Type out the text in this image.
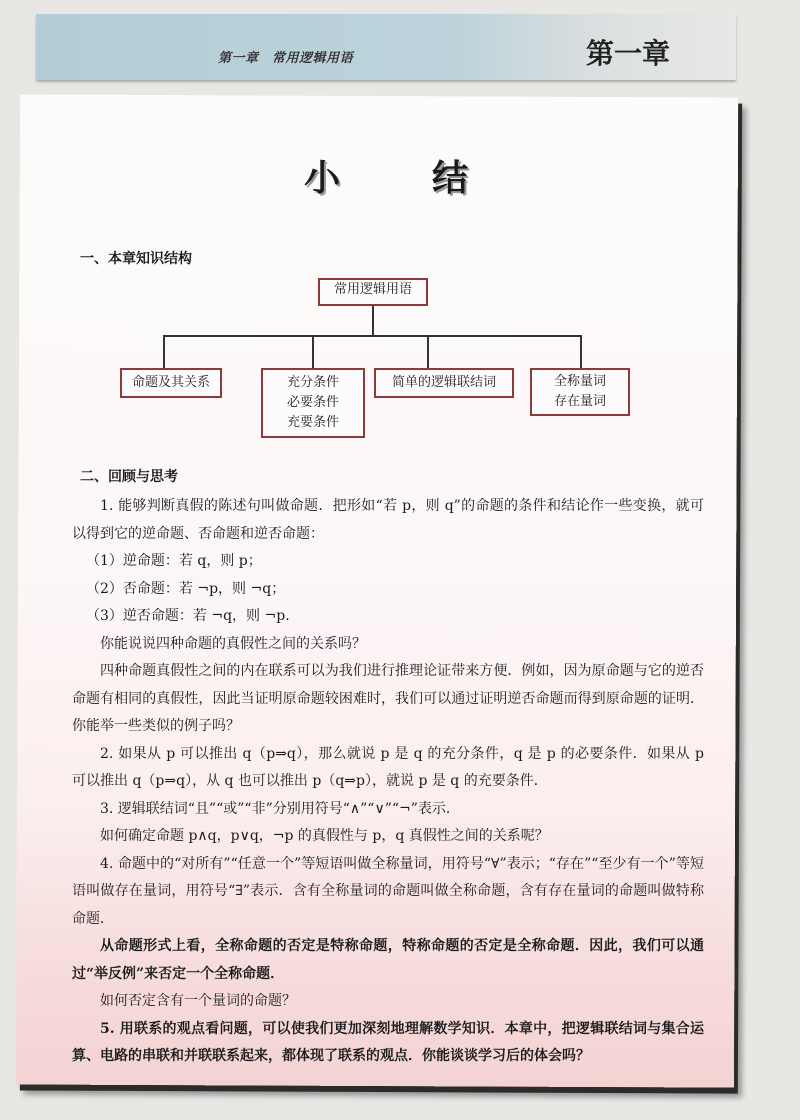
第一章　常用逻辑用语	第一章
小　结
一、本章知识结构
常用逻辑用语
命题及其关系	充分条件
必要条件
充要条件
简单的逻辑联结词	全称量词
存在量词
二、回顾与思考

1. 能够判断真假的陈述句叫做命题．把形如“若 p，则 q”的命题的条件和结论作一些变换，就可以得到它的逆命题、否命题和逆否命题：

（1）逆命题：若 q，则 p；

（2）否命题：若 ¬p，则 ¬q；

（3）逆否命题：若 ¬q，则 ¬p.

你能说说四种命题的真假性之间的关系吗？

四种命题真假性之间的内在联系可以为我们进行推理论证带来方便．例如，因为原命题与它的逆否命题有相同的真假性，因此当证明原命题较困难时，我们可以通过证明逆否命题而得到原命题的证明．你能举一些类似的例子吗？

2. 如果从 p 可以推出 q（p⇒q），那么就说 p 是 q 的充分条件，q 是 p 的必要条件．如果从 p 可以推出 q（p⇒q），从 q 也可以推出 p（q⇒p），就说 p 是 q 的充要条件．

3. 逻辑联结词“且”“或”“非”分别用符号“∧”“∨”“¬”表示．

如何确定命题 p∧q，p∨q，¬p 的真假性与 p，q 真假性之间的关系呢？

4. 命题中的“对所有”“任意一个”等短语叫做全称量词，用符号“∀”表示；“存在”“至少有一个”等短语叫做存在量词，用符号“∃”表示．含有全称量词的命题叫做全称命题，含有存在量词的命题叫做特称命题．

从命题形式上看，全称命题的否定是特称命题，特称命题的否定是全称命题．因此，我们可以通过“举反例”来否定一个全称命题．

如何否定含有一个量词的命题？

5. 用联系的观点看问题，可以使我们更加深刻地理解数学知识．本章中，把逻辑联结词与集合运算、电路的串联和并联联系起来，都体现了联系的观点．你能谈谈学习后的体会吗？
